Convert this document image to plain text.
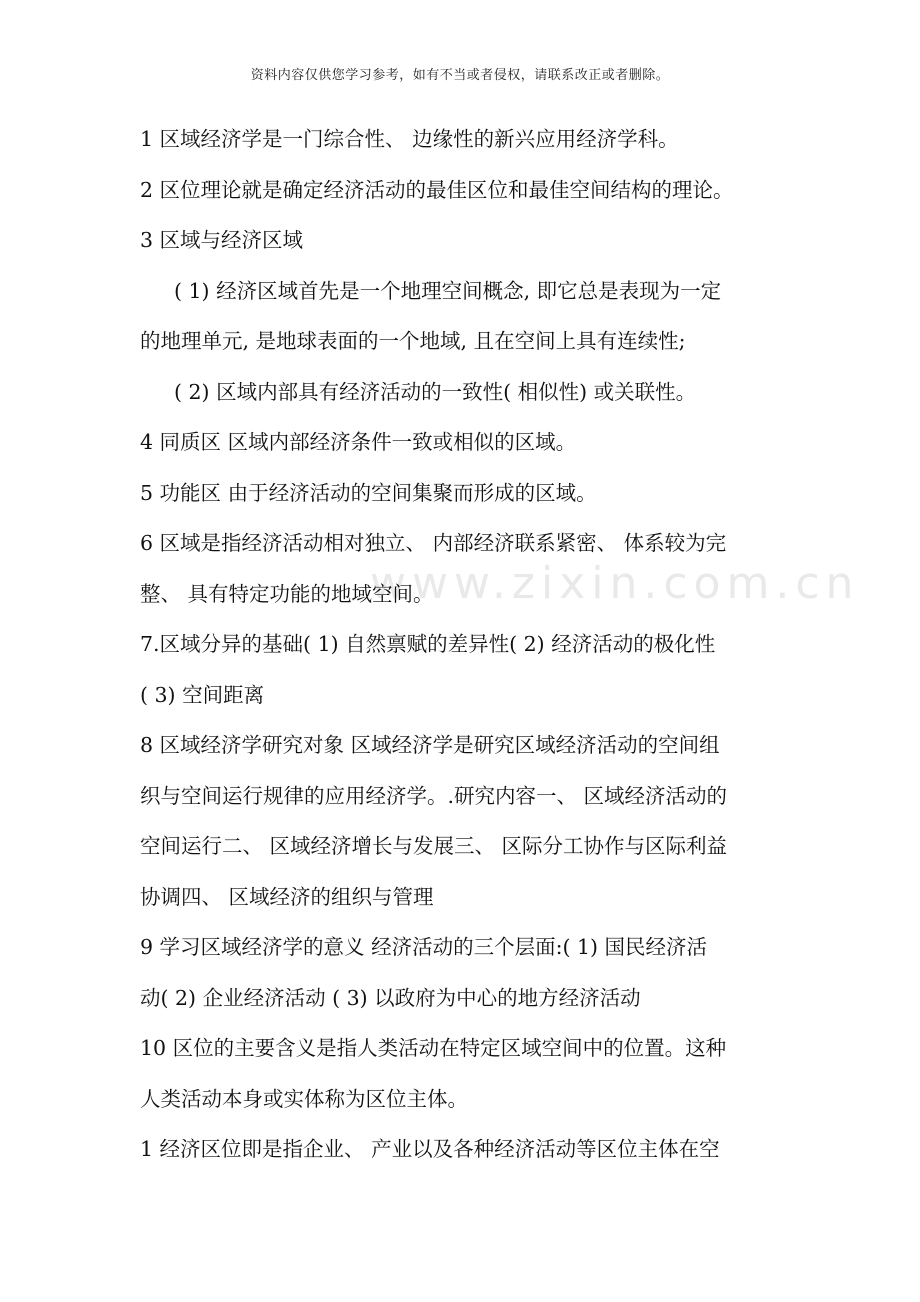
资料内容仅供您学习参考，如有不当或者侵权，请联系改正或者删除。
www.zixin.com.cn
1 区域经济学是一门综合性、 边缘性的新兴应用经济学科。
2 区位理论就是确定经济活动的最佳区位和最佳空间结构的理论。
3 区域与经济区域
( 1) 经济区域首先是一个地理空间概念, 即它总是表现为一定
的地理单元, 是地球表面的一个地域, 且在空间上具有连续性;
( 2) 区域内部具有经济活动的一致性( 相似性) 或关联性。
4 同质区 区域内部经济条件一致或相似的区域。
5 功能区 由于经济活动的空间集聚而形成的区域。
6 区域是指经济活动相对独立、 内部经济联系紧密、 体系较为完
整、 具有特定功能的地域空间。
7.区域分异的基础( 1) 自然禀赋的差异性( 2) 经济活动的极化性
( 3) 空间距离
8 区域经济学研究对象 区域经济学是研究区域经济活动的空间组
织与空间运行规律的应用经济学。.研究内容一、 区域经济活动的
空间运行二、 区域经济增长与发展三、 区际分工协作与区际利益
协调四、 区域经济的组织与管理
9 学习区域经济学的意义 经济活动的三个层面:( 1) 国民经济活
动( 2) 企业经济活动 ( 3) 以政府为中心的地方经济活动
10 区位的主要含义是指人类活动在特定区域空间中的位置。这种
人类活动本身或实体称为区位主体。
1 经济区位即是指企业、 产业以及各种经济活动等区位主体在空
